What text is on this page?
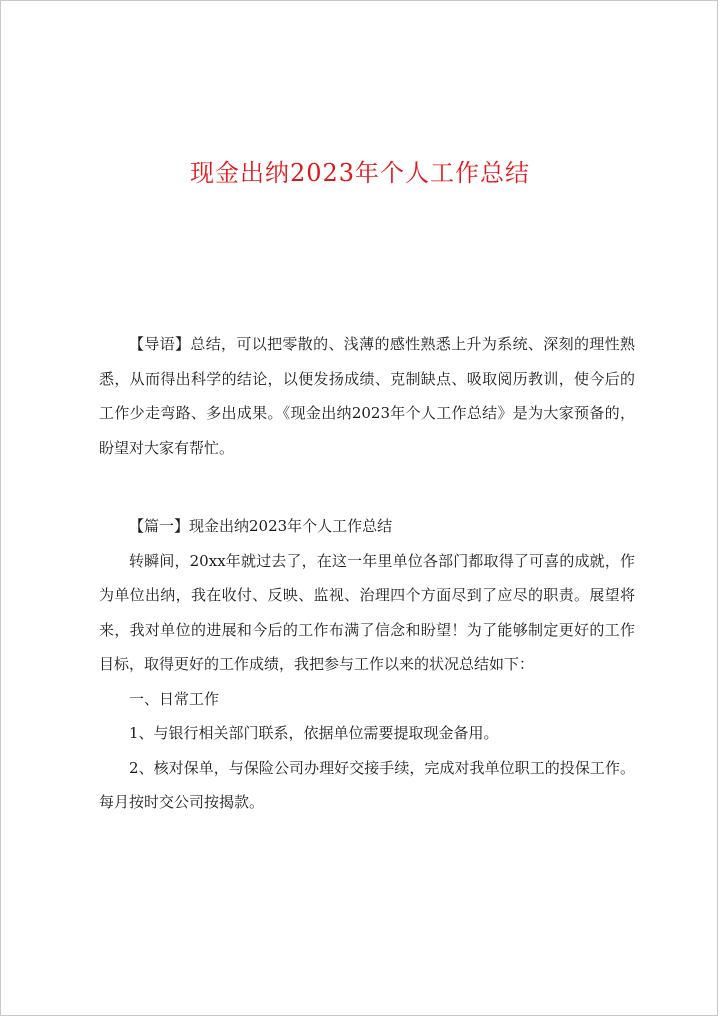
现金出纳2023年个人工作总结

【导语】总结，可以把零散的、浅薄的感性熟悉上升为系统、深刻的理性熟悉，从而得出科学的结论，以便发扬成绩、克制缺点、吸取阅历教训，使今后的工作少走弯路、多出成果。《现金出纳2023年个人工作总结》是为大家预备的，盼望对大家有帮忙。

【篇一】现金出纳2023年个人工作总结

转瞬间，20xx年就过去了，在这一年里单位各部门都取得了可喜的成就，作为单位出纳，我在收付、反映、监视、治理四个方面尽到了应尽的职责。展望将来，我对单位的进展和今后的工作布满了信念和盼望！为了能够制定更好的工作目标，取得更好的工作成绩，我把参与工作以来的状况总结如下：

一、日常工作

1、与银行相关部门联系，依据单位需要提取现金备用。

2、核对保单，与保险公司办理好交接手续，完成对我单位职工的投保工作。每月按时交公司按揭款。
